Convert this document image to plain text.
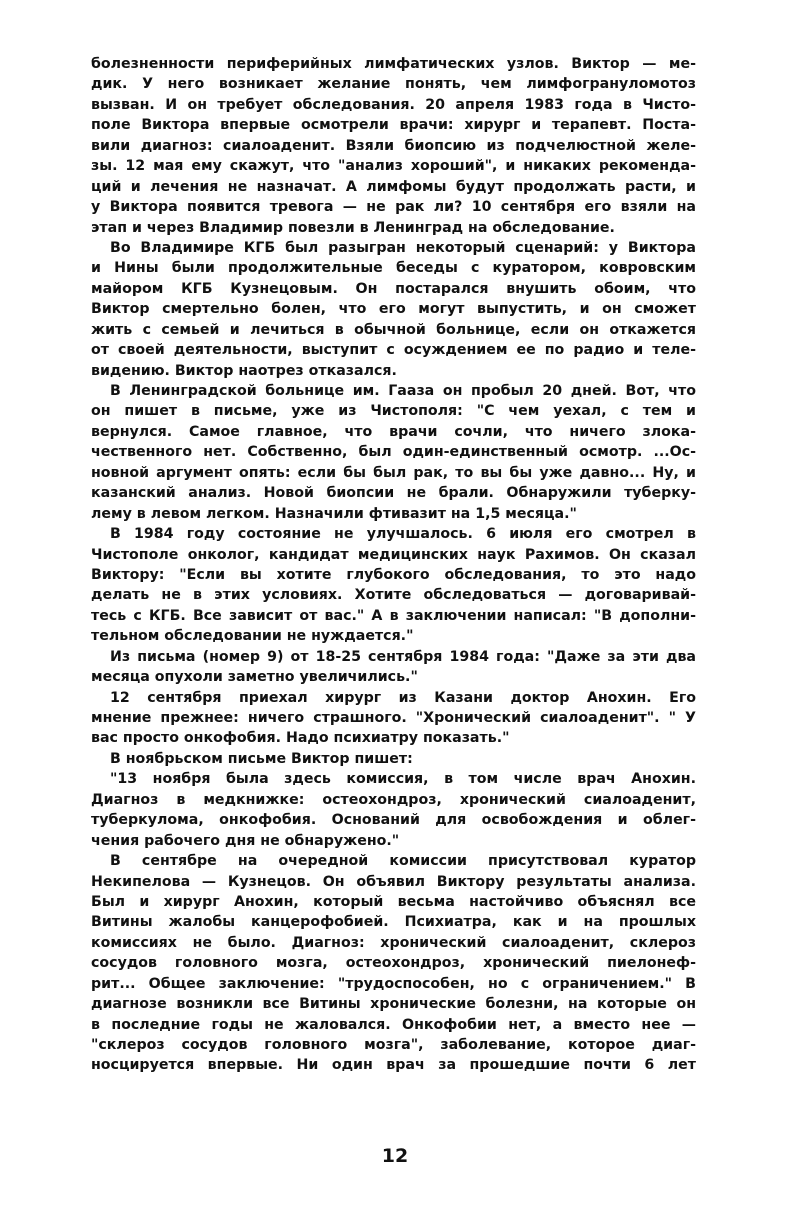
болезненности периферийных лимфатических узлов. Виктор — ме-
дик. У него возникает желание понять, чем лимфогрануломотоз
вызван. И он требует обследования. 20 апреля 1983 года в Чисто-
поле Виктора впервые осмотрели врачи: хирург и терапевт. Поста-
вили диагноз: сиалоаденит. Взяли биопсию из подчелюстной желе-
зы. 12 мая ему скажут, что "анализ хороший", и никаких рекоменда-
ций и лечения не назначат. А лимфомы будут продолжать расти, и
у Виктора появится тревога — не рак ли? 10 сентября его взяли на
этап и через Владимир повезли в Ленинград на обследование.
Во Владимире КГБ был разыгран некоторый сценарий: у Виктора
и Нины были продолжительные беседы с куратором, ковровским
майором КГБ Кузнецовым. Он постарался внушить обоим, что
Виктор смертельно болен, что его могут выпустить, и он сможет
жить с семьей и лечиться в обычной больнице, если он откажется
от своей деятельности, выступит с осуждением ее по радио и теле-
видению. Виктор наотрез отказался.
В Ленинградской больнице им. Гааза он пробыл 20 дней. Вот, что
он пишет в письме, уже из Чистополя: "С чем уехал, с тем и
вернулся. Самое главное, что врачи сочли, что ничего злока-
чественного нет. Собственно, был один-единственный осмотр. ...Ос-
новной аргумент опять: если бы был рак, то вы бы уже давно... Ну, и
казанский анализ. Новой биопсии не брали. Обнаружили туберку-
лему в левом легком. Назначили фтивазит на 1,5 месяца."
В 1984 году состояние не улучшалось. 6 июля его смотрел в
Чистополе онколог, кандидат медицинских наук Рахимов. Он сказал
Виктору: "Если вы хотите глубокого обследования, то это надо
делать не в этих условиях. Хотите обследоваться — договаривай-
тесь с КГБ. Все зависит от вас." А в заключении написал: "В дополни-
тельном обследовании не нуждается."
Из письма (номер 9) от 18-25 сентября 1984 года: "Даже за эти два
месяца опухоли заметно увеличились."
12 сентября приехал хирург из Казани доктор Анохин. Его
мнение прежнее: ничего страшного. "Хронический сиалоаденит". " У
вас просто онкофобия. Надо психиатру показать."
В ноябрьском письме Виктор пишет:
"13 ноября была здесь комиссия, в том числе врач Анохин.
Диагноз в медкнижке: остеохондроз, хронический сиалоаденит,
туберкулома, онкофобия. Оснований для освобождения и облег-
чения рабочего дня не обнаружено."
В сентябре на очередной комиссии присутствовал куратор
Некипелова — Кузнецов. Он объявил Виктору результаты анализа.
Был и хирург Анохин, который весьма настойчиво объяснял все
Витины жалобы канцерофобией. Психиатра, как и на прошлых
комиссиях не было. Диагноз: хронический сиалоаденит, склероз
сосудов головного мозга, остеохондроз, хронический пиелонеф-
рит... Общее заключение: "трудоспособен, но с ограничением." В
диагнозе возникли все Витины хронические болезни, на которые он
в последние годы не жаловался. Онкофобии нет, а вместо нее —
"склероз сосудов головного мозга", заболевание, которое диаг-
носцируется впервые. Ни один врач за прошедшие почти 6 лет
12
